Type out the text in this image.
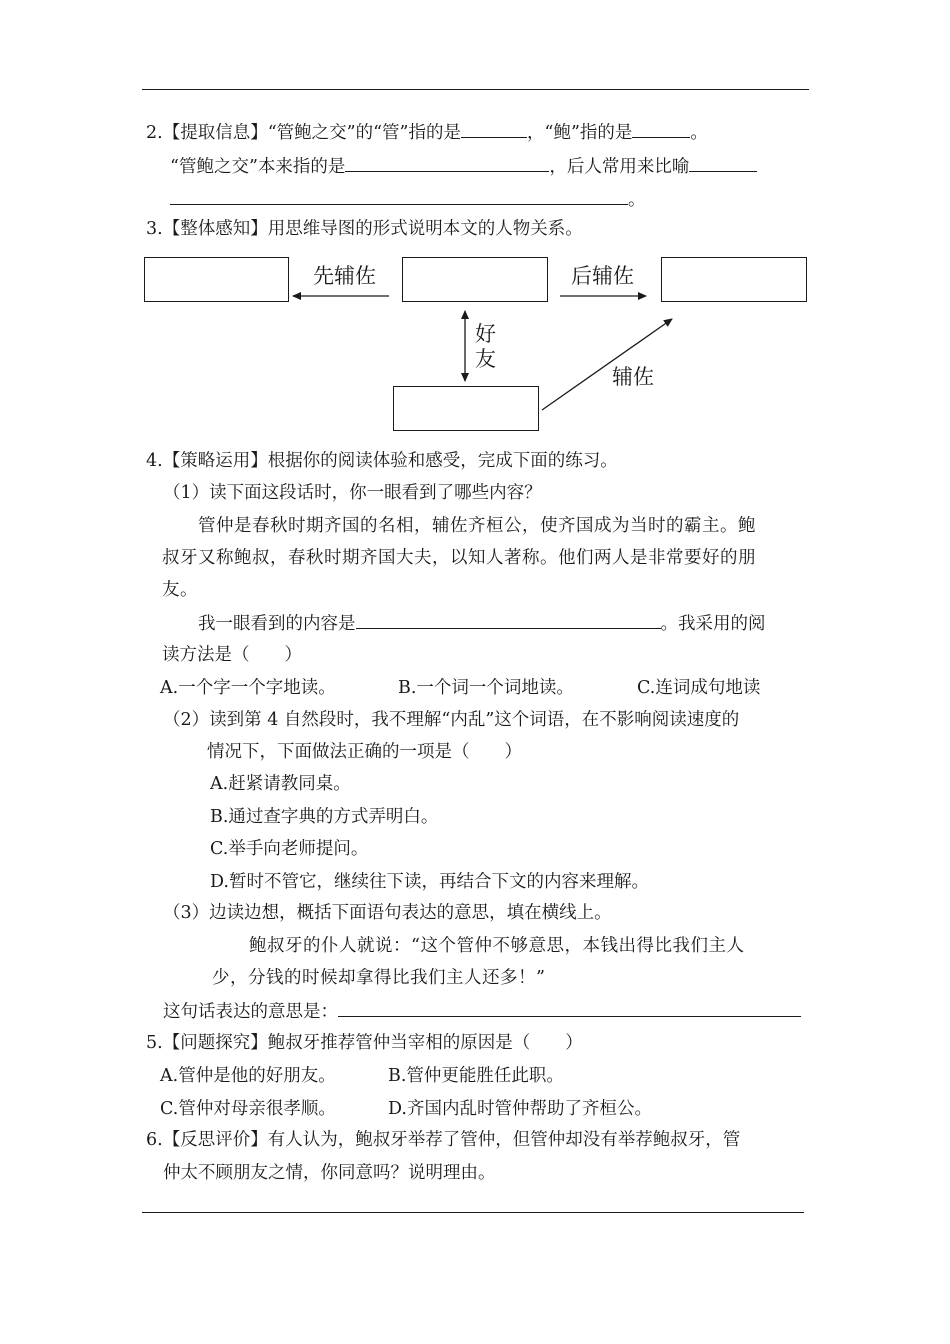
2.【提取信息】“管鲍之交”的“管”指的是	，“鲍”指的是	。
“管鲍之交”本来指的是	，后人常用来比喻
。
3.【整体感知】用思维导图的形式说明本文的人物关系。
先辅佐	后辅佐
好
友
辅佐
4.【策略运用】根据你的阅读体验和感受，完成下面的练习。
（1）读下面这段话时，你一眼看到了哪些内容？
管仲是春秋时期齐国的名相，辅佐齐桓公，使齐国成为当时的霸主。鲍
叔牙又称鲍叔，春秋时期齐国大夫，以知人著称。他们两人是非常要好的朋
友。
我一眼看到的内容是	。我采用的阅
读方法是（　　）
A.一个字一个字地读。	B.一个词一个词地读。	C.连词成句地读
（2）读到第 4 自然段时，我不理解“内乱”这个词语，在不影响阅读速度的
情况下，下面做法正确的一项是（　　）
A.赶紧请教同桌。
B.通过查字典的方式弄明白。
C.举手向老师提问。
D.暂时不管它，继续往下读，再结合下文的内容来理解。
（3）边读边想，概括下面语句表达的意思，填在横线上。
鲍叔牙的仆人就说：“这个管仲不够意思，本钱出得比我们主人
少，分钱的时候却拿得比我们主人还多！”
这句话表达的意思是：
5.【问题探究】鲍叔牙推荐管仲当宰相的原因是（　　）
A.管仲是他的好朋友。	B.管仲更能胜任此职。
C.管仲对母亲很孝顺。	D.齐国内乱时管仲帮助了齐桓公。
6.【反思评价】有人认为，鲍叔牙举荐了管仲，但管仲却没有举荐鲍叔牙，管
仲太不顾朋友之情，你同意吗？说明理由。
